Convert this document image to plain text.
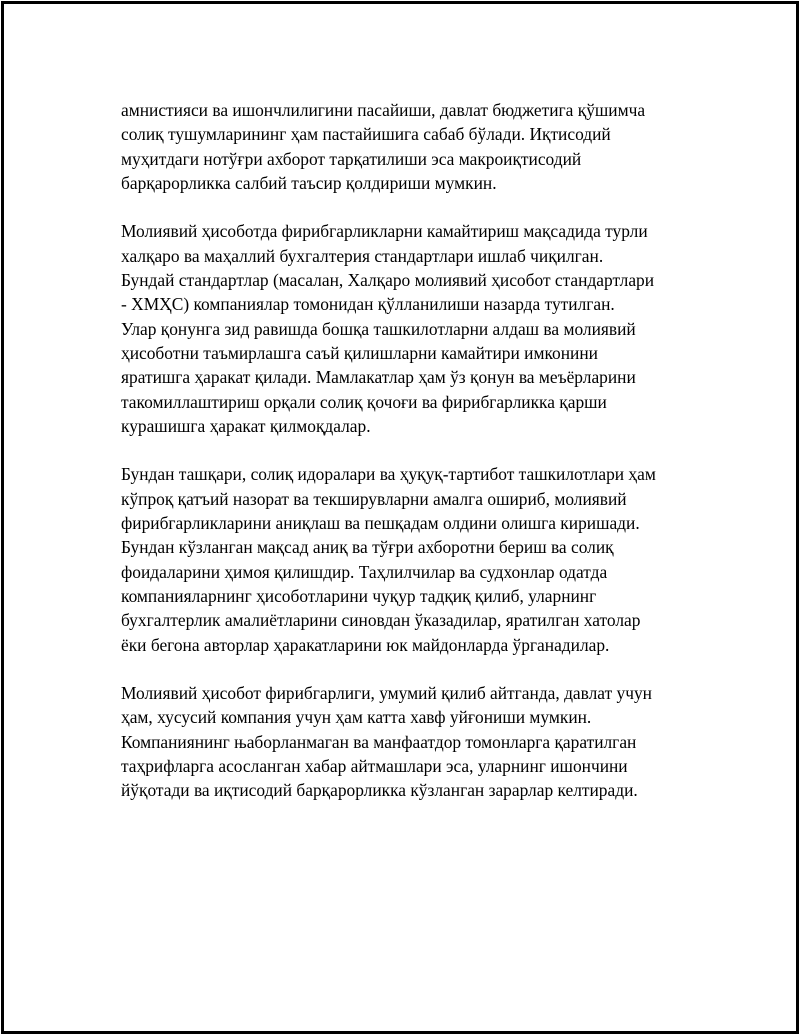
амнистияси ва ишончлилигини пасайиши, давлат бюджетига қўшимча
солиқ тушумларининг ҳам пастайишига сабаб бўлади. Иқтисодий
муҳитдаги нотўғри ахборот тарқатилиши эса макроиқтисодий
барқарорликка салбий таъсир қолдириши мумкин.

Молиявий ҳисоботда фирибгарликларни камайтириш мақсадида турли
халқаро ва маҳаллий бухгалтерия стандартлари ишлаб чиқилган.
Бундай стандартлар (масалан, Халқаро молиявий ҳисобот стандартлари
- ХМҲС) компаниялар томонидан қўлланилиши назарда тутилган.
Улар қонунга зид равишда бошқа ташкилотларни алдаш ва молиявий
ҳисоботни таъмирлашга саъй қилишларни камайтири имконини
яратишга ҳаракат қилади. Мамлакатлар ҳам ўз қонун ва меъёрларини
такомиллаштириш орқали солиқ қочоғи ва фирибгарликка қарши
курашишга ҳаракат қилмоқдалар.

Бундан ташқари, солиқ идоралари ва ҳуқуқ-тартибот ташкилотлари ҳам
кўпроқ қатъий назорат ва текширувларни амалга ошириб, молиявий
фирибгарликларини аниқлаш ва пешқадам олдини олишга киришади.
Бундан кўзланган мақсад аниқ ва тўғри ахборотни бериш ва солиқ
фоидаларини ҳимоя қилишдир. Таҳлилчилар ва судхонлар одатда
компанияларнинг ҳисоботларини чуқур тадқиқ қилиб, уларнинг
бухгалтерлик амалиётларини синовдан ўказадилар, яратилган хатолар
ёки бегона авторлар ҳаракатларини юк майдонларда ўрганадилар.

Молиявий ҳисобот фирибгарлиги, умумий қилиб айтганда, давлат учун
ҳам, хусусий компания учун ҳам катта хавф уйғониши мумкин.
Компаниянинг њаборланмаган ва манфаатдор томонларга қаратилган
таҳрифларга асосланган хабар айтмашлари эса, уларнинг ишончини
йўқотади ва иқтисодий барқарорликка кўзланган зарарлар келтиради.
